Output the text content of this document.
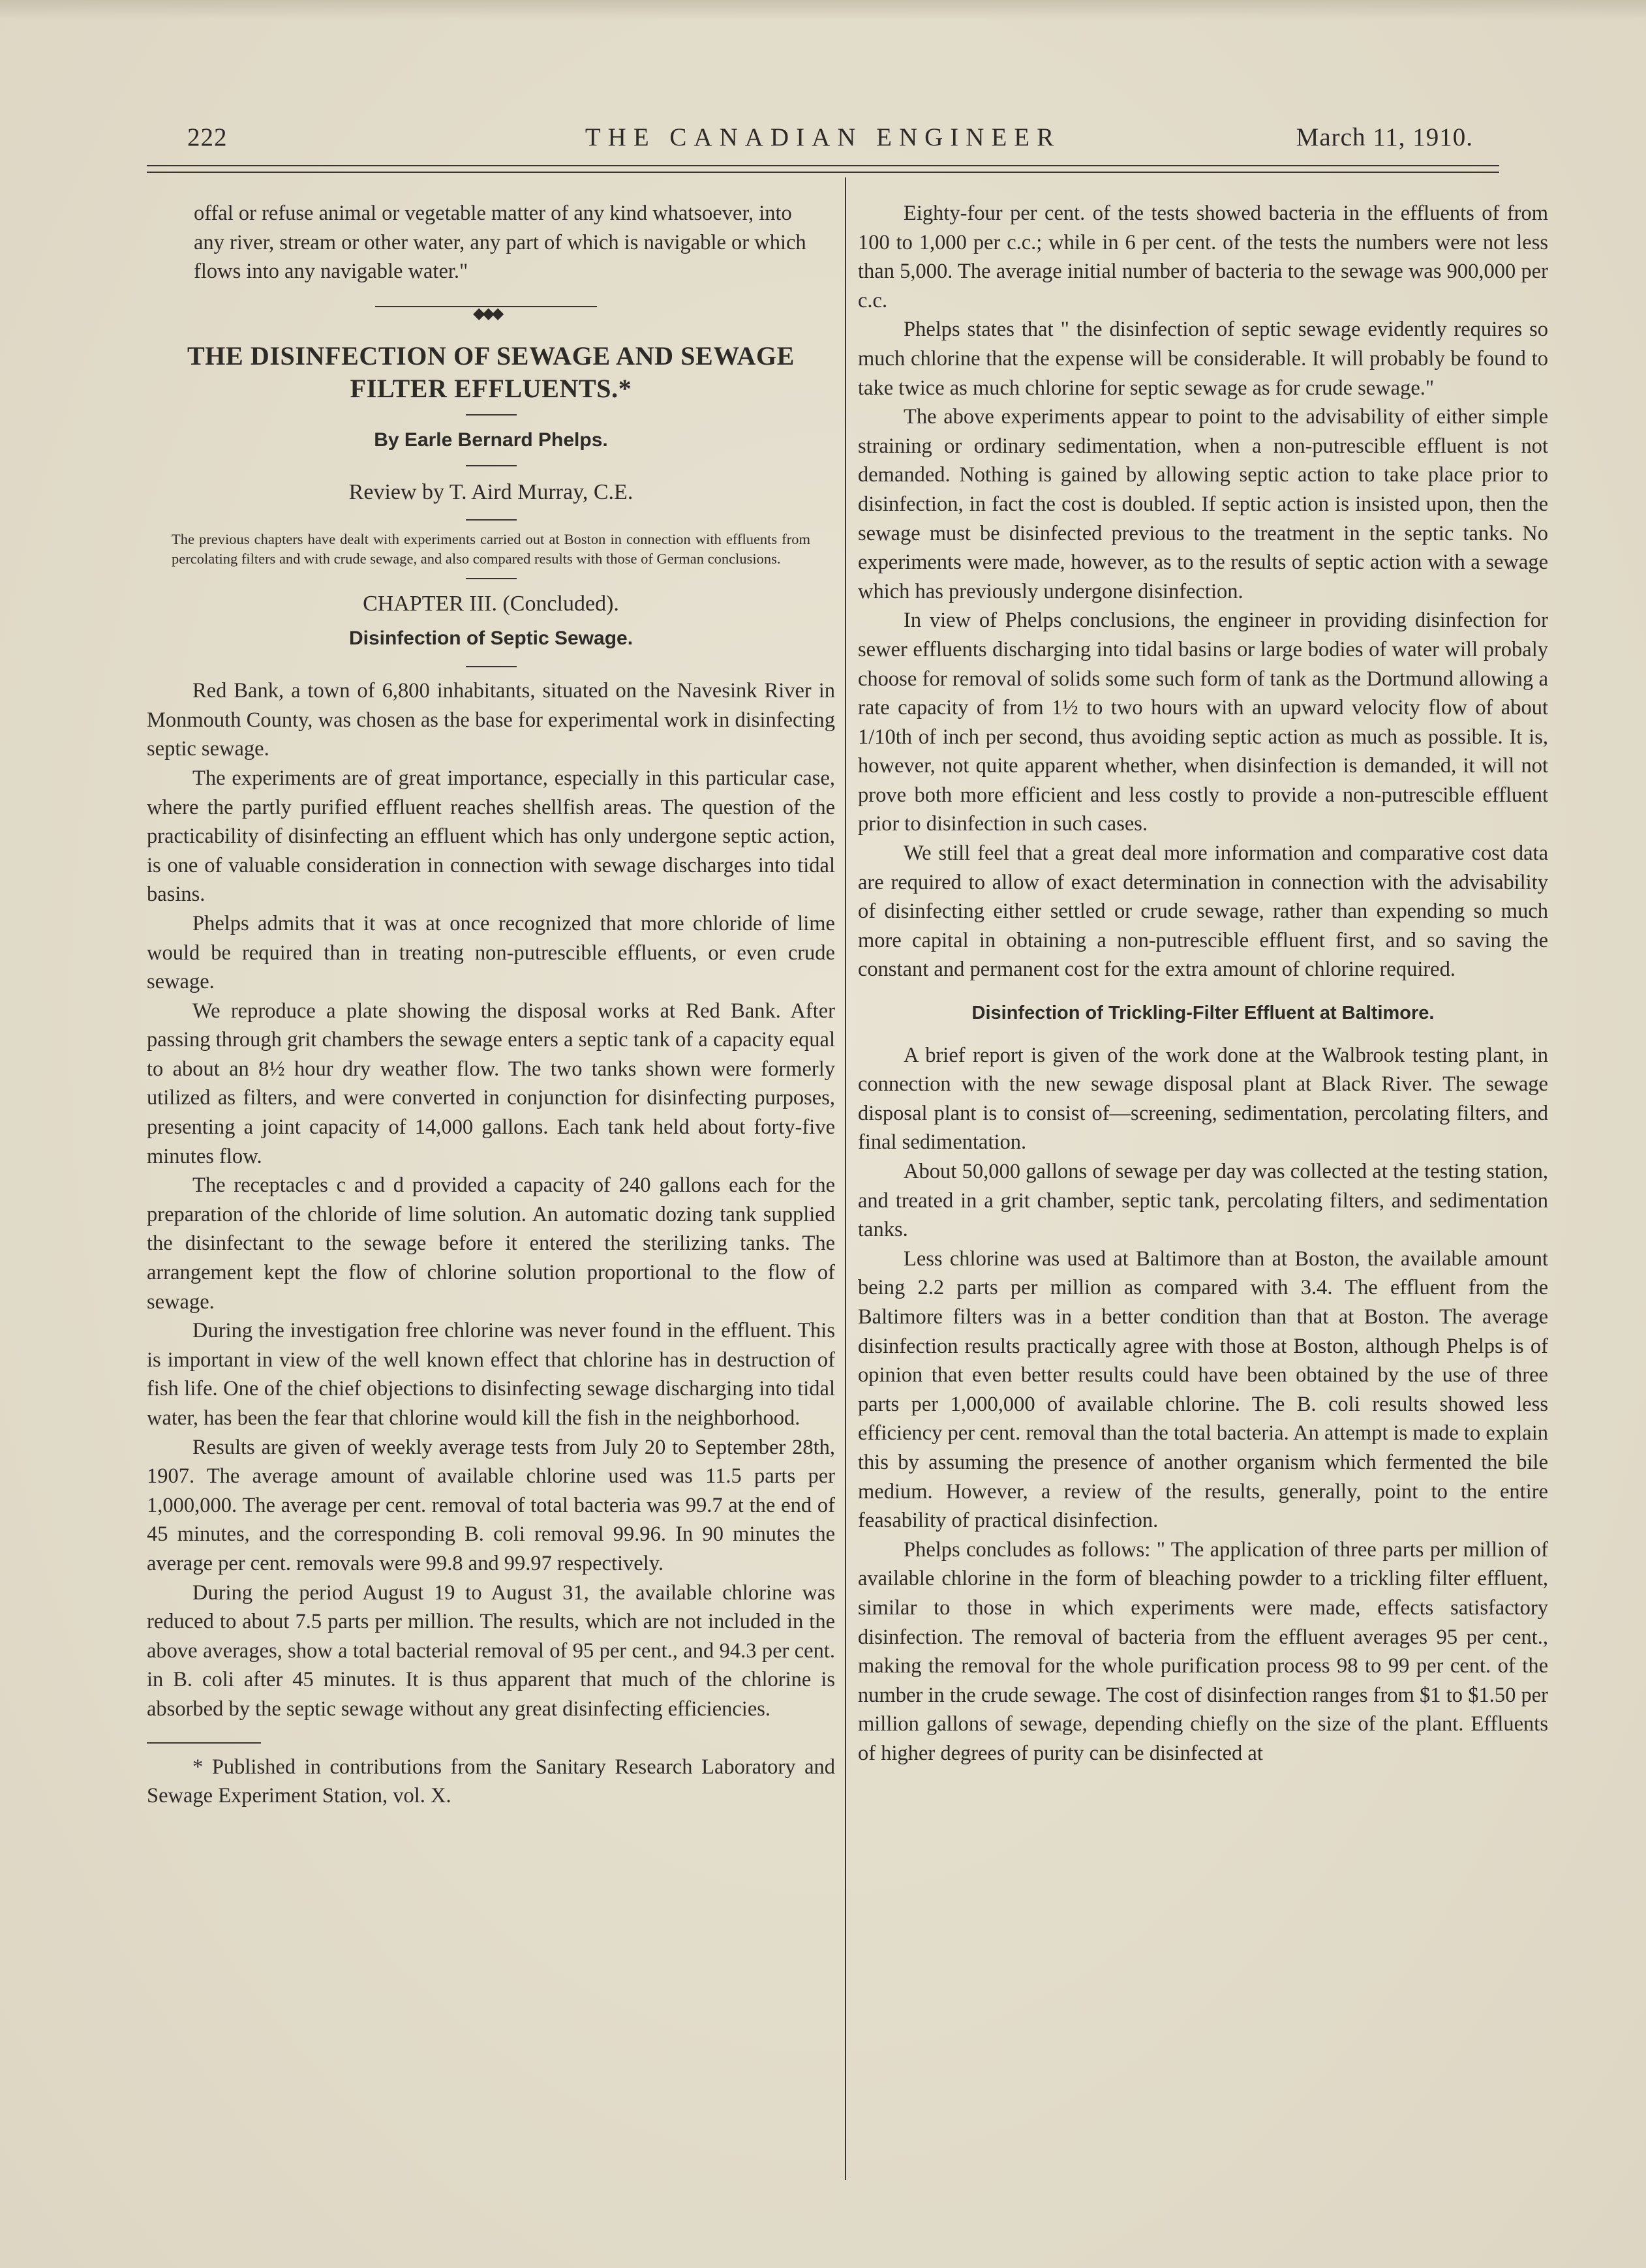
222	THE CANADIAN ENGINEER	March 11, 1910.

offal or refuse animal or vegetable matter of any kind whatsoever, into any river, stream or other water, any part of which is navigable or which flows into any navigable water."

◆◆◆
THE DISINFECTION OF SEWAGE AND SEWAGE FILTER EFFLUENTS.*
By Earle Bernard Phelps.
Review by T. Aird Murray, C.E.
The previous chapters have dealt with experiments carried out at Boston in connection with effluents from percolating filters and with crude sewage, and also compared results with those of German conclusions.
CHAPTER III. (Concluded).
Disinfection of Septic Sewage.

Red Bank, a town of 6,800 inhabitants, situated on the Navesink River in Monmouth County, was chosen as the base for experimental work in disinfecting septic sewage.

The experiments are of great importance, especially in this particular case, where the partly purified effluent reaches shellfish areas. The question of the practicability of disinfecting an effluent which has only undergone septic action, is one of valuable consideration in connection with sewage discharges into tidal basins.

Phelps admits that it was at once recognized that more chloride of lime would be required than in treating non-putrescible effluents, or even crude sewage.

We reproduce a plate showing the disposal works at Red Bank. After passing through grit chambers the sewage enters a septic tank of a capacity equal to about an 8½ hour dry weather flow. The two tanks shown were formerly utilized as filters, and were converted in conjunction for disinfecting purposes, presenting a joint capacity of 14,000 gallons. Each tank held about forty-five minutes flow.

The receptacles c and d provided a capacity of 240 gallons each for the preparation of the chloride of lime solution. An automatic dozing tank supplied the disinfectant to the sewage before it entered the sterilizing tanks. The arrangement kept the flow of chlorine solution proportional to the flow of sewage.

During the investigation free chlorine was never found in the effluent. This is important in view of the well known effect that chlorine has in destruction of fish life. One of the chief objections to disinfecting sewage discharging into tidal water, has been the fear that chlorine would kill the fish in the neighborhood.

Results are given of weekly average tests from July 20 to September 28th, 1907. The average amount of available chlorine used was 11.5 parts per 1,000,000. The average per cent. removal of total bacteria was 99.7 at the end of 45 minutes, and the corresponding B. coli removal 99.96. In 90 minutes the average per cent. removals were 99.8 and 99.97 respectively.

During the period August 19 to August 31, the available chlorine was reduced to about 7.5 parts per million. The results, which are not included in the above averages, show a total bacterial removal of 95 per cent., and 94.3 per cent. in B. coli after 45 minutes. It is thus apparent that much of the chlorine is absorbed by the septic sewage without any great disinfecting efficiencies.

* Published in contributions from the Sanitary Research Laboratory and Sewage Experiment Station, vol. X.

Eighty-four per cent. of the tests showed bacteria in the effluents of from 100 to 1,000 per c.c.; while in 6 per cent. of the tests the numbers were not less than 5,000. The average initial number of bacteria to the sewage was 900,000 per c.c.

Phelps states that " the disinfection of septic sewage evidently requires so much chlorine that the expense will be considerable. It will probably be found to take twice as much chlorine for septic sewage as for crude sewage."

The above experiments appear to point to the advisability of either simple straining or ordinary sedimentation, when a non-putrescible effluent is not demanded. Nothing is gained by allowing septic action to take place prior to disinfection, in fact the cost is doubled. If septic action is insisted upon, then the sewage must be disinfected previous to the treatment in the septic tanks. No experiments were made, however, as to the results of septic action with a sewage which has previously undergone disinfection.

In view of Phelps conclusions, the engineer in providing disinfection for sewer effluents discharging into tidal basins or large bodies of water will probaly choose for removal of solids some such form of tank as the Dortmund allowing a rate capacity of from 1½ to two hours with an upward velocity flow of about 1/10th of inch per second, thus avoiding septic action as much as possible. It is, however, not quite apparent whether, when disinfection is demanded, it will not prove both more efficient and less costly to provide a non-putrescible effluent prior to disinfection in such cases.

We still feel that a great deal more information and comparative cost data are required to allow of exact determination in connection with the advisability of disinfecting either settled or crude sewage, rather than expending so much more capital in obtaining a non-putrescible effluent first, and so saving the constant and permanent cost for the extra amount of chlorine required.

Disinfection of Trickling-Filter Effluent at Baltimore.

A brief report is given of the work done at the Walbrook testing plant, in connection with the new sewage disposal plant at Black River. The sewage disposal plant is to consist of—screening, sedimentation, percolating filters, and final sedimentation.

About 50,000 gallons of sewage per day was collected at the testing station, and treated in a grit chamber, septic tank, percolating filters, and sedimentation tanks.

Less chlorine was used at Baltimore than at Boston, the available amount being 2.2 parts per million as compared with 3.4. The effluent from the Baltimore filters was in a better condition than that at Boston. The average disinfection results practically agree with those at Boston, although Phelps is of opinion that even better results could have been obtained by the use of three parts per 1,000,000 of available chlorine. The B. coli results showed less efficiency per cent. removal than the total bacteria. An attempt is made to explain this by assuming the presence of another organism which fermented the bile medium. However, a review of the results, generally, point to the entire feasability of practical disinfection.

Phelps concludes as follows: " The application of three parts per million of available chlorine in the form of bleaching powder to a trickling filter effluent, similar to those in which experiments were made, effects satisfactory disinfection. The removal of bacteria from the effluent averages 95 per cent., making the removal for the whole purification process 98 to 99 per cent. of the number in the crude sewage. The cost of disinfection ranges from $1 to $1.50 per million gallons of sewage, depending chiefly on the size of the plant. Effluents of higher degrees of purity can be disinfected at
